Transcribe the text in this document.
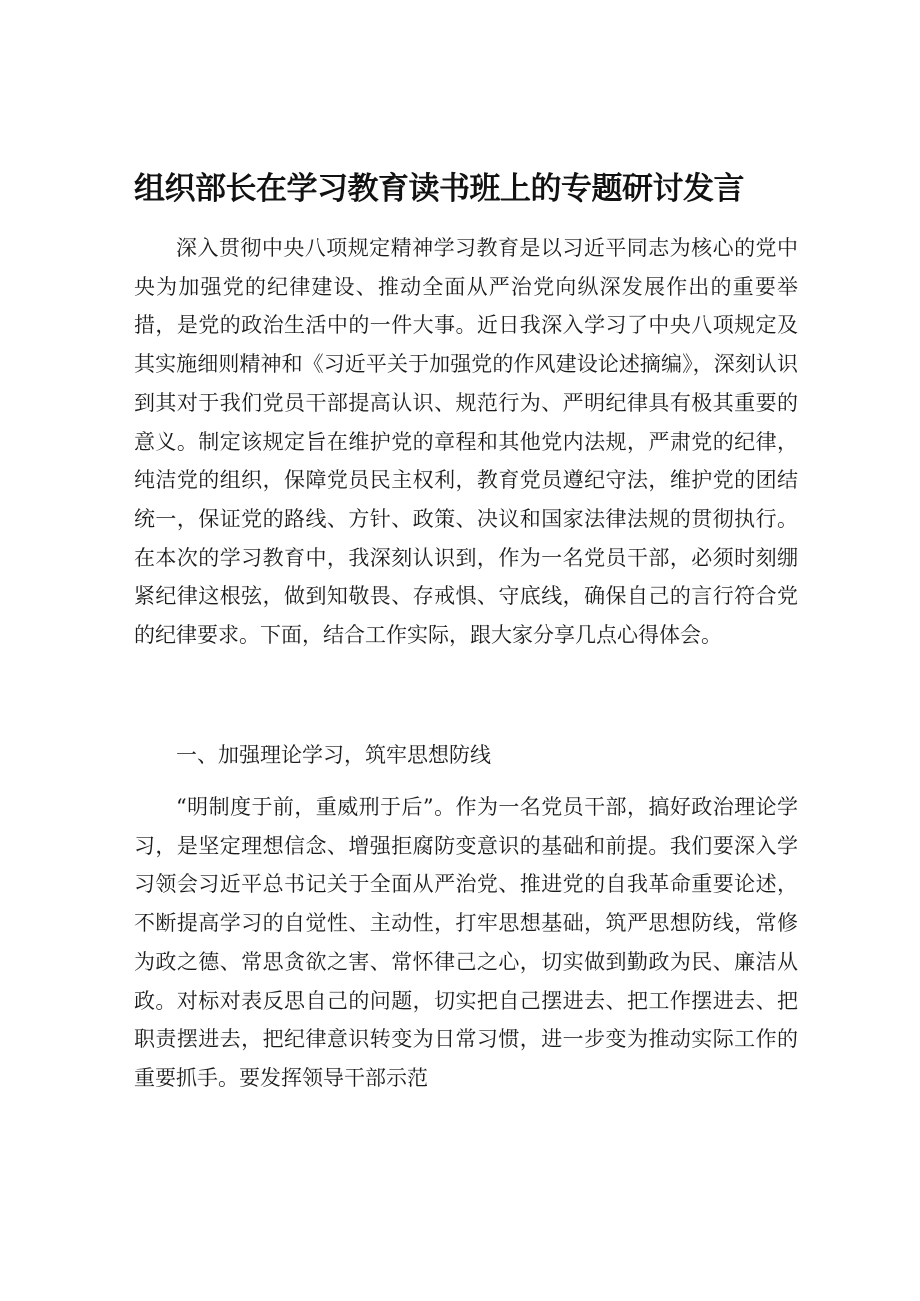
组织部长在学习教育读书班上的专题研讨发言

深入贯彻中央八项规定精神学习教育是以习近平同志为核心的党中央为加强党的纪律建设、推动全面从严治党向纵深发展作出的重要举措，是党的政治生活中的一件大事。近日我深入学习了中央八项规定及其实施细则精神和《习近平关于加强党的作风建设论述摘编》，深刻认识到其对于我们党员干部提高认识、规范行为、严明纪律具有极其重要的意义。制定该规定旨在维护党的章程和其他党内法规，严肃党的纪律，纯洁党的组织，保障党员民主权利，教育党员遵纪守法，维护党的团结统一，保证党的路线、方针、政策、决议和国家法律法规的贯彻执行。在本次的学习教育中，我深刻认识到，作为一名党员干部，必须时刻绷紧纪律这根弦，做到知敬畏、存戒惧、守底线，确保自己的言行符合党的纪律要求。下面，结合工作实际，跟大家分享几点心得体会。

一、加强理论学习，筑牢思想防线

“明制度于前，重威刑于后”。作为一名党员干部，搞好政治理论学习，是坚定理想信念、增强拒腐防变意识的基础和前提。我们要深入学习领会习近平总书记关于全面从严治党、推进党的自我革命重要论述，不断提高学习的自觉性、主动性，打牢思想基础，筑严思想防线，常修为政之德、常思贪欲之害、常怀律己之心，切实做到勤政为民、廉洁从政。对标对表反思自己的问题，切实把自己摆进去、把工作摆进去、把职责摆进去，把纪律意识转变为日常习惯，进一步变为推动实际工作的重要抓手。要发挥领导干部示范
